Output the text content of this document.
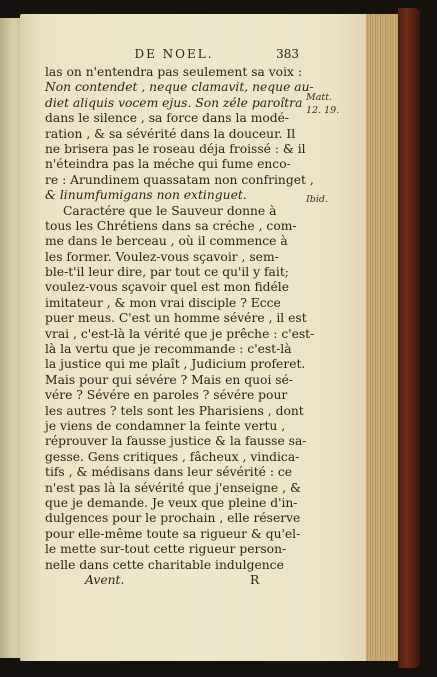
DE NOEL.	383
las on n'entendra pas seulement sa voix :
Non contendet , neque clamavit, neque au-
diet aliquis vocem ejus. Son zéle paroîtra
dans le silence , sa force dans la modé-
ration , & sa sévérité dans la douceur. Il
ne brisera pas le roseau déja froissé : & il
n'éteindra pas la méche qui fume enco-
re : Arundinem quassatam non confringet ,
& linumfumigans non extinguet.
Caractére que le Sauveur donne à
tous les Chrétiens dans sa créche , com-
me dans le berceau , où il commence à
les former. Voulez-vous sçavoir , sem-
ble-t'il leur dire, par tout ce qu'il y fait;
voulez-vous sçavoir quel est mon fidéle
imitateur , & mon vrai disciple ? Ecce
puer meus. C'est un homme sévére , il est
vrai , c'est-là la vérité que je prêche : c'est-
là la vertu que je recommande : c'est-là
la justice qui me plaît , Judicium proferet.
Mais pour qui sévére ? Mais en quoi sé-
vére ? Sévére en paroles ? sévére pour
les autres ? tels sont les Pharisiens , dont
je viens de condamner la feinte vertu ,
réprouver la fausse justice & la fausse sa-
gesse. Gens critiques , fâcheux , vindica-
tifs , & médisans dans leur sévérité : ce
n'est pas là la sévérité que j'enseigne , &
que je demande. Je veux que pleine d'in-
dulgences pour le prochain , elle réserve
pour elle-même toute sa rigueur & qu'el-
le mette sur-tout cette rigueur person-
nelle dans cette charitable indulgence
Avent.	R
Matt.
12. 19.
Ibid.
